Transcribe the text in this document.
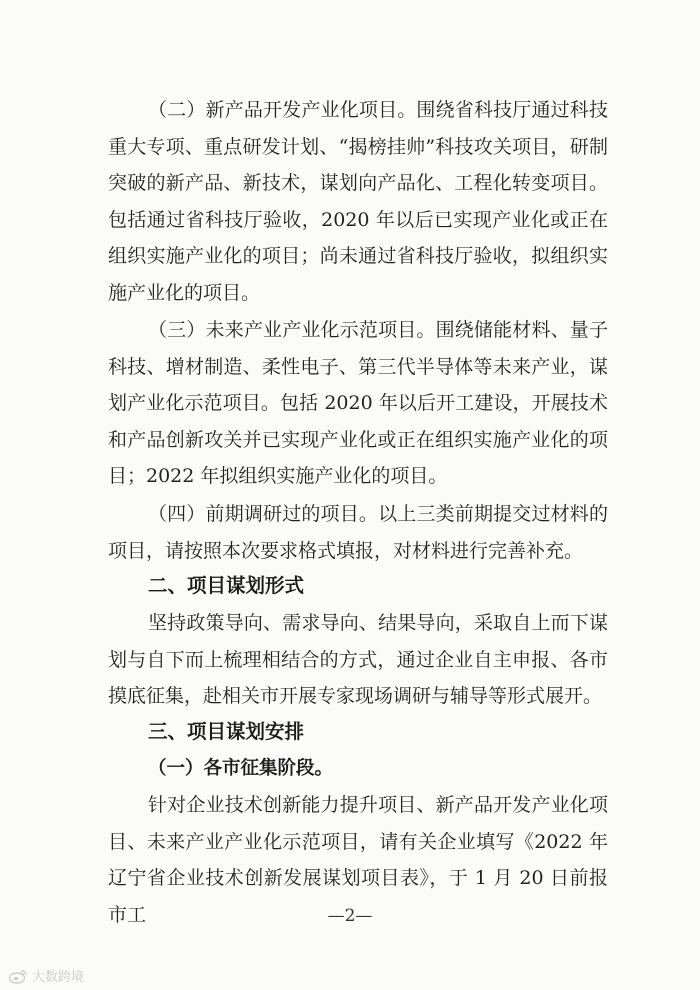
（二）新产品开发产业化项目。围绕省科技厅通过科技重大专项、重点研发计划、“揭榜挂帅”科技攻关项目，研制突破的新产品、新技术，谋划向产品化、工程化转变项目。包括通过省科技厅验收，2020 年以后已实现产业化或正在组织实施产业化的项目；尚未通过省科技厅验收，拟组织实施产业化的项目。

（三）未来产业产业化示范项目。围绕储能材料、量子科技、增材制造、柔性电子、第三代半导体等未来产业，谋划产业化示范项目。包括 2020 年以后开工建设，开展技术和产品创新攻关并已实现产业化或正在组织实施产业化的项目；2022 年拟组织实施产业化的项目。

（四）前期调研过的项目。以上三类前期提交过材料的项目，请按照本次要求格式填报，对材料进行完善补充。

二、项目谋划形式

坚持政策导向、需求导向、结果导向，采取自上而下谋划与自下而上梳理相结合的方式，通过企业自主申报、各市摸底征集，赴相关市开展专家现场调研与辅导等形式展开。

三、项目谋划安排
（一）各市征集阶段。

针对企业技术创新能力提升项目、新产品开发产业化项目、未来产业产业化示范项目，请有关企业填写《2022 年辽宁省企业技术创新发展谋划项目表》，于 1 月 20 日前报市工	—2—
大数跨境
